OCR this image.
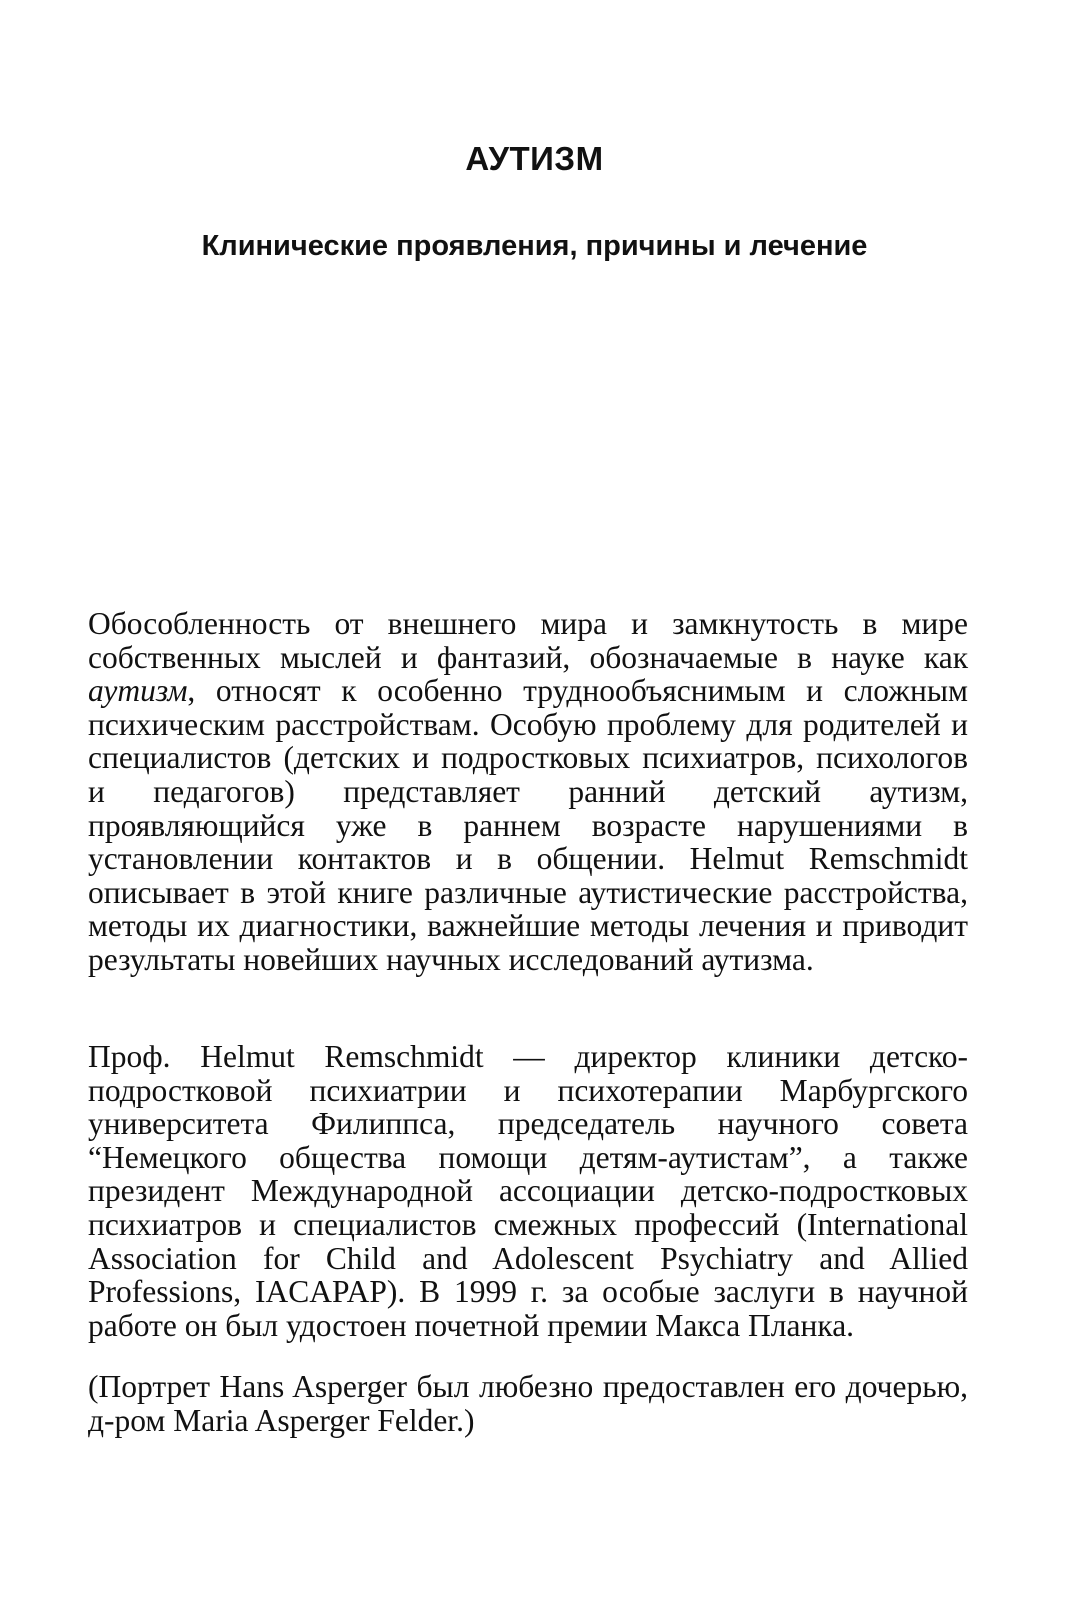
АУТИЗМ
Клинические проявления, причины и лечение

Обособленность от внешнего мира и замкнутость в мире собственных мыслей и фантазий, обозначаемые в науке как аутизм, относят к особенно труднообъяснимым и сложным психическим расстройствам. Особую проблему для родителей и специалистов (детских и подростковых психиатров, психологов и педагогов) представляет ранний детский аутизм, проявляющийся уже в раннем возрасте нарушениями в установлении контактов и в общении. Helmut Remschmidt описывает в этой книге различные аутистические расстройства, методы их диагностики, важнейшие методы лечения и приводит результаты новейших научных исследований аутизма.

Проф. Helmut Remschmidt — директор клиники детско-подростковой психиатрии и психотерапии Марбургского университета Филиппса, председатель научного совета “Немецкого общества помощи детям-аутистам”, а также президент Международной ассоциации детско-подростковых психиатров и специалистов смежных профессий (International Association for Child and Adolescent Psychiatry and Allied Professions, IACAPAP). В 1999 г. за особые заслуги в научной работе он был удостоен почетной премии Макса Планка.

(Портрет Hans Asperger был любезно предоставлен его дочерью, д-ром Maria Asperger Felder.)
